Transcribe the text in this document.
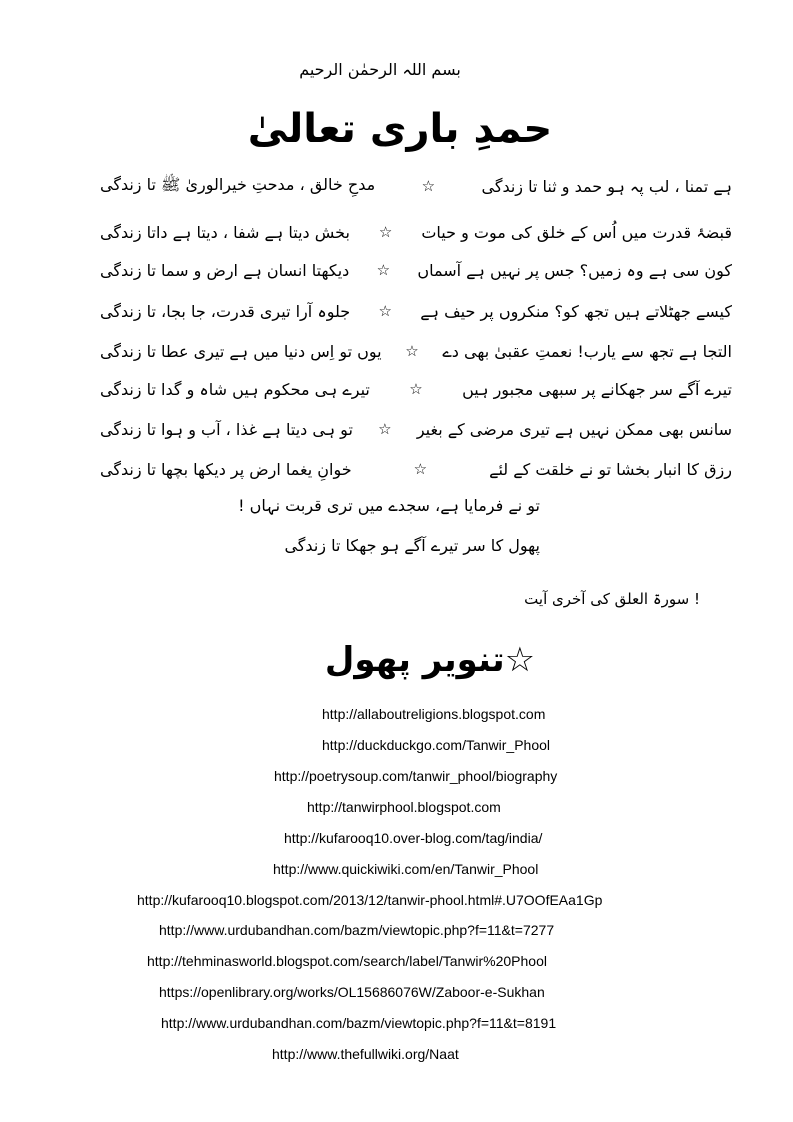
بسم اللہ الرحمٰن الرحیم
حمدِ باری تعالیٰ
ہے تمنا ، لب پہ ہو حمد و ثنا تا زندگی
☆
مدحِ خالق ، مدحتِ خیرالوریٰ ﷺ تا زندگی
قبضۂ قدرت میں اُس کے خلق کی موت و حیات
☆
بخش دیتا ہے شفا ، دیتا ہے داتا زندگی
کون سی ہے وہ زمیں؟ جس پر نہیں ہے آسماں
☆
دیکھتا انسان ہے ارض و سما تا زندگی
کیسے جھٹلاتے ہیں تجھ کو؟ منکروں پر حیف ہے
☆
جلوہ آرا تیری قدرت، جا بجا، تا زندگی
التجا ہے تجھ سے یارب! نعمتِ عقبیٰ بھی دے
☆
یوں تو اِس دنیا میں ہے تیری عطا تا زندگی
تیرے آگے سر جھکانے پر سبھی مجبور ہیں
☆
تیرے ہی محکوم ہیں شاہ و گدا تا زندگی
سانس بھی ممکن نہیں ہے تیری مرضی کے بغیر
☆
تو ہی دیتا ہے غذا ، آب و ہوا تا زندگی
رزق کا انبار بخشا تو نے خلقت کے لئے
☆
خوانِ یغما ارض پر دیکھا بچھا تا زندگی
تو نے فرمایا ہے، سجدے میں تری قربت نہاں !
پھول کا سر تیرے آگے ہو جھکا تا زندگی
! سورۃ العلق کی آخری آیت
☆تنویر پھول
http://allaboutreligions.blogspot.com
http://duckduckgo.com/Tanwir_Phool
http://poetrysoup.com/tanwir_phool/biography
http://tanwirphool.blogspot.com
http://kufarooq10.over-blog.com/tag/india/
http://www.quickiwiki.com/en/Tanwir_Phool
http://kufarooq10.blogspot.com/2013/12/tanwir-phool.html#.U7OOfEAa1Gp
http://www.urdubandhan.com/bazm/viewtopic.php?f=11&t=7277
http://tehminasworld.blogspot.com/search/label/Tanwir%20Phool
https://openlibrary.org/works/OL15686076W/Zaboor-e-Sukhan
http://www.urdubandhan.com/bazm/viewtopic.php?f=11&t=8191
http://www.thefullwiki.org/Naat
